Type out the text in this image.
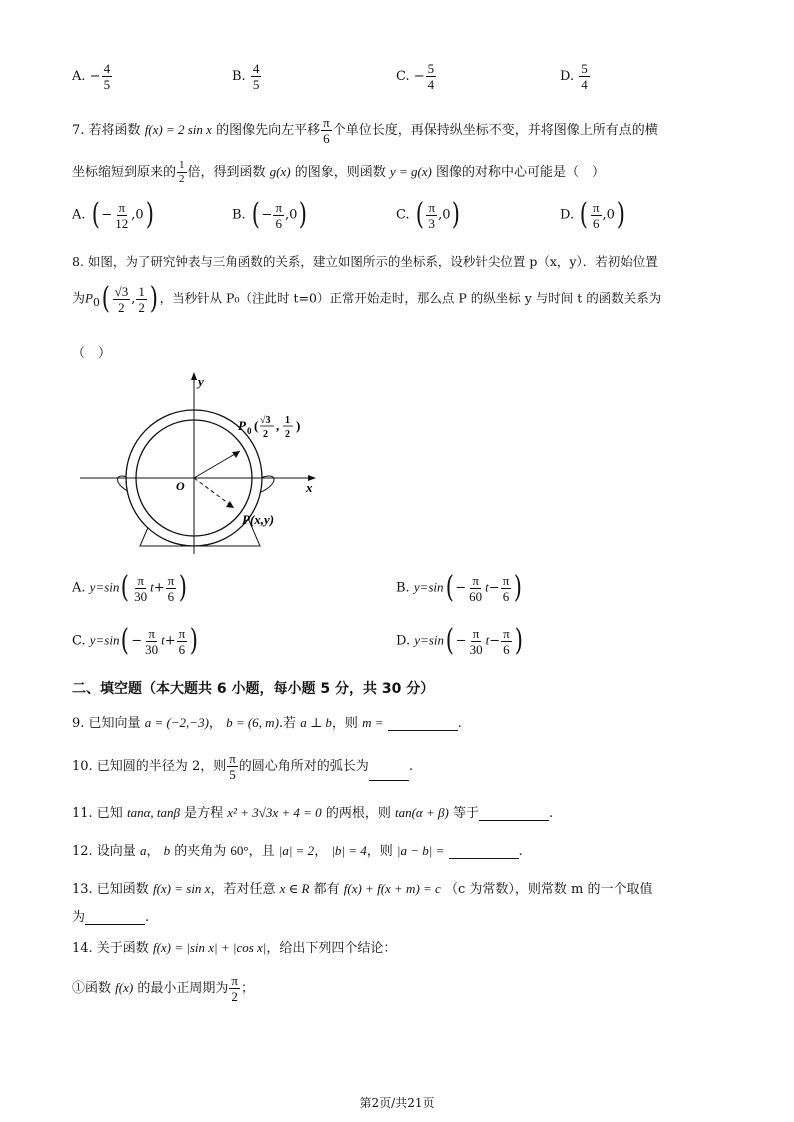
A. − $\frac{4}{5}$	B. $\frac{4}{5}$	C. − $\frac{5}{4}$	D. $\frac{5}{4}$
7. 若将函数 f(x) = 2 sin x 的图像先向左平移 $\frac{\pi}{6}$ 个单位长度，再保持纵坐标不变，并将图像上所有点的横
坐标缩短到原来的 $\frac{1}{2}$ 倍，得到函数 g(x) 的图象，则函数 y = g(x) 图像的对称中心可能是（　）
A. ( − $\frac{\pi}{12} ,0$)	B. ( − $\frac{\pi}{6} ,0$)	C. ( $\frac{\pi}{3} ,0$)	D. ( $\frac{\pi}{6} ,0$)
8. 如图，为了研究钟表与三角函数的关系，建立如图所示的坐标系，设秒针尖位置 p（x，y）．若初始位置
为$P_0( \frac{√3}{2}$ , $\frac{1}{2}$ ) ，当秒针从 P₀（注此时 t=0）正常开始走时，那么点 P 的纵坐标 y 与时间 t 的函数关系为
（　）
y
x
O
P 0 ( √3
2
, 1
2
)
P(x,y)
A. $y=\sin( \frac{\pi}{30} t+ \frac{\pi}{6}$ )	B. $y=\sin( - \frac{\pi}{60} t- \frac{\pi}{6}$ )
C. $y=\sin( - \frac{\pi}{30} t+ \frac{\pi}{6}$ )	D. $y=\sin( - \frac{\pi}{30} t- \frac{\pi}{6}$ )
二、填空题（本大题共 6 小题，每小题 5 分，共 30 分）
9. 已知向量 a = (−2,−3)， b = (6, m).若 a ⊥ b，则 m =	.
10. 已知圆的半径为 2，则 $\frac{\pi}{5}$ 的圆心角所对的弧长为	.
11. 已知 tanα, tanβ 是方程 x² + 3√3x + 4 = 0 的两根，则 tan(α + β) 等于	.
12. 设向量 a， b 的夹角为 60°，且 |a| = 2， |b| = 4，则 |a − b| =	.
13. 已知函数 f(x) = sin x，若对任意 x ∈ R 都有 f(x) + f(x + m) = c （c 为常数），则常数 m 的一个取值
为	.
14. 关于函数 f(x) = |sin x| + |cos x|，给出下列四个结论：
①函数 f(x) 的最小正周期为 $\frac{\pi}{2}$ ；
第2页/共21页
